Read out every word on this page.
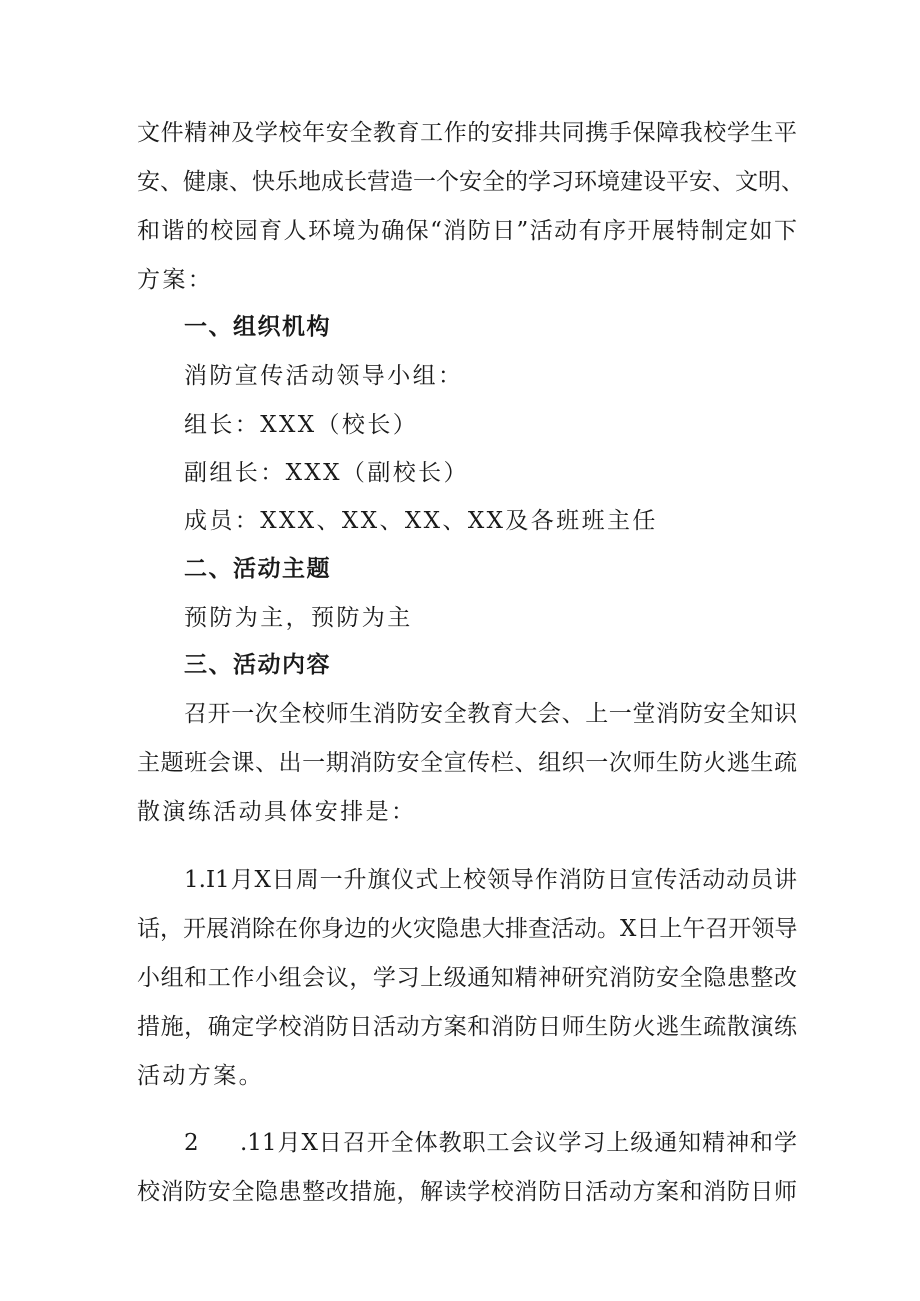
文件精神及学校年安全教育工作的安排共同携手保障我校学生平
安、健康、快乐地成长营造一个安全的学习环境建设平安、文明、
和谐的校园育人环境为确保“消防日”活动有序开展特制定如下
方案：
一、组织机构
消防宣传活动领导小组：
组长：XXX（校长）
副组长：XXX（副校长）
成员：XXX、XX、XX、XX及各班班主任
二、活动主题
预防为主，预防为主
三、活动内容
召开一次全校师生消防安全教育大会、上一堂消防安全知识
主题班会课、出一期消防安全宣传栏、组织一次师生防火逃生疏
散演练活动具体安排是：
1.I1月X日周一升旗仪式上校领导作消防日宣传活动动员讲
话，开展消除在你身边的火灾隐患大排查活动。X日上午召开领导
小组和工作小组会议，学习上级通知精神研究消防安全隐患整改
措施，确定学校消防日活动方案和消防日师生防火逃生疏散演练
活动方案。
2     .11月X日召开全体教职工会议学习上级通知精神和学
校消防安全隐患整改措施，解读学校消防日活动方案和消防日师
